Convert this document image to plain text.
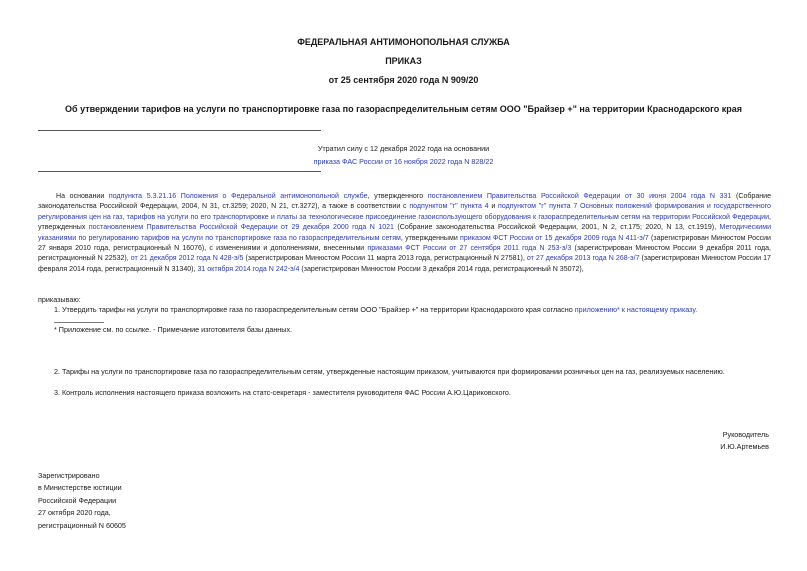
ФЕДЕРАЛЬНАЯ АНТИМОНОПОЛЬНАЯ СЛУЖБА
ПРИКАЗ
от 25 сентября 2020 года N 909/20
Об утверждении тарифов на услуги по транспортировке газа по газораспределительным сетям ООО "Брайзер +" на территории Краснодарского края
Утратил силу с 12 декабря 2022 года на основании
приказа ФАС России от 16 ноября 2022 года N 828/22
На основании подпункта 5.3.21.16 Положения о Федеральной антимонопольной службе, утвержденного постановлением Правительства Российской Федерации от 30 июня 2004 года N 331 (Собрание законодательства Российской Федерации, 2004, N 31, ст.3259; 2020, N 21, ст.3272), а также в соответствии с подпунктом "г" пункта 4 и подпунктом "г" пункта 7 Основных положений формирования и государственного регулирования цен на газ, тарифов на услуги по его транспортировке и платы за технологическое присоединение газоиспользующего оборудования к газораспределительным сетям на территории Российской Федерации, утвержденных постановлением Правительства Российской Федерации от 29 декабря 2000 года N 1021 (Собрание законодательства Российской Федерации, 2001, N 2, ст.175; 2020, N 13, ст.1919), Методическими указаниями по регулированию тарифов на услуги по транспортировке газа по газораспределительным сетям, утвержденными приказом ФСТ России от 15 декабря 2009 года N 411-э/7 (зарегистрирован Минюстом России 27 января 2010 года, регистрационный N 16076), с изменениями и дополнениями, внесенными приказами ФСТ России от 27 сентября 2011 года N 253-э/3 (зарегистрирован Минюстом России 9 декабря 2011 года, регистрационный N 22532), от 21 декабря 2012 года N 428-э/5 (зарегистрирован Минюстом России 11 марта 2013 года, регистрационный N 27581), от 27 декабря 2013 года N 268-э/7 (зарегистрирован Минюстом России 17 февраля 2014 года, регистрационный N 31340), 31 октября 2014 года N 242-э/4 (зарегистрирован Минюстом России 3 декабря 2014 года, регистрационный N 35072),
приказываю:
1. Утвердить тарифы на услуги по транспортировке газа по газораспределительным сетям ООО "Брайзер +" на территории Краснодарского края согласно приложению* к настоящему приказу.
* Приложение см. по ссылке. - Примечание изготовителя базы данных.
2. Тарифы на услуги по транспортировке газа по газораспределительным сетям, утвержденные настоящим приказом, учитываются при формировании розничных цен на газ, реализуемых населению.
3. Контроль исполнения настоящего приказа возложить на статс-секретаря - заместителя руководителя ФАС России А.Ю.Цариковского.
Руководитель
И.Ю.Артемьев
Зарегистрировано
в Министерстве юстиции
Российской Федерации
27 октября 2020 года,
регистрационный N 60605
